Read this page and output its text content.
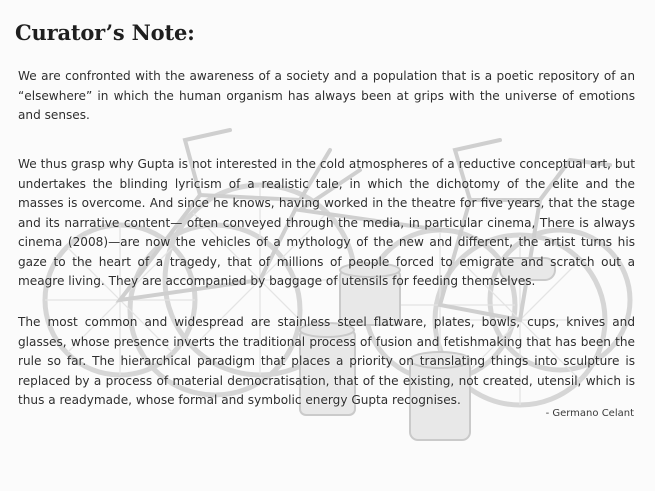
Curator’s Note:

We are confronted with the awareness of a society and a population that is a poetic repository of an “elsewhere” in which the human organism has always been at grips with the universe of emotions and senses.

We thus grasp why Gupta is not interested in the cold atmospheres of a reductive conceptual art, but undertakes the blinding lyricism of a realistic tale, in which the dichotomy of the elite and the masses is overcome. And since he knows, having worked in the theatre for five years, that the stage and its narrative content— often conveyed through the media, in particular cinema, There is always cinema (2008)—are now the vehicles of a mythology of the new and different, the artist turns his gaze to the heart of a tragedy, that of millions of people forced to emigrate and scratch out a meagre living. They are accompanied by baggage of utensils for feeding themselves.

The most common and widespread are stainless steel flatware, plates, bowls, cups, knives and glasses, whose presence inverts the traditional process of fusion and fetishmaking that has been the rule so far. The hierarchical paradigm that places a priority on translating things into sculpture is replaced by a process of material democratisation, that of the existing, not created, utensil, which is thus a readymade, whose formal and symbolic energy Gupta recognises.

- Germano Celant
